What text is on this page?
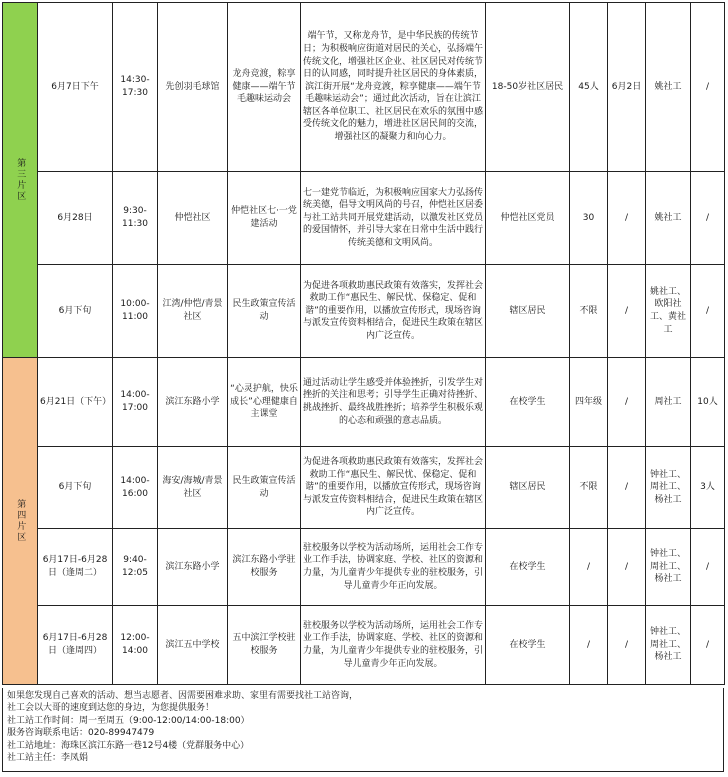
第三片区	6月7日下午	14:30-17:30	先创羽毛球馆	龙舟竞渡，粽享健康——端午节毛趣味运动会	端午节，又称龙舟节，是中华民族的传统节日；为积极响应街道对居民的关心，弘扬端午传统文化，增强社区企业、社区居民对传统节日的认同感，同时提升社区居民的身体素质，滨江街开展“龙舟竞渡，粽享健康——端午节毛趣味运动会”；通过此次活动，旨在让滨江辖区各单位职工、社区居民在欢乐的氛围中感受传统文化的魅力，增进社区居民间的交流，增强社区的凝聚力和向心力。	18-50岁社区居民	45人	6月2日	姚社工	/
	6月28日	9:30-11:30	仲恺社区	仲恺社区七·一党建活动	七一建党节临近，为积极响应国家大力弘扬传统美德，倡导文明风尚的号召，仲恺社区居委与社工站共同开展党建活动，以激发社区党员的爱国情怀，并引导大家在日常中生活中践行传统美德和文明风尚。	仲恺社区党员	30	/	姚社工	/
	6月下旬	10:00-11:00	江湾/仲恺/青景社区	民生政策宣传活动	为促进各项救助惠民政策有效落实，发挥社会救助工作“惠民生、解民忧、保稳定、促和谐”的重要作用，以播放宣传形式，现场咨询与派发宣传资料相结合，促进民生政策在辖区内广泛宣传。	辖区居民	不限	/	姚社工、欧阳社工、黄社工	/
第四片区	6月21日（下午）	14:00-17:00	滨江东路小学	“心灵护航，快乐成长”心理健康自主课堂	通过活动让学生感受并体验挫折，引发学生对挫折的关注和思考；引导学生正确对待挫折、挑战挫折、最终战胜挫折；培养学生积极乐观的心态和顽强的意志品质。	在校学生	四年级	/	周社工	10人
	6月下旬	14:00-16:00	海安/海城/青景社区	民生政策宣传活动	为促进各项救助惠民政策有效落实，发挥社会救助工作“惠民生、解民忧、保稳定、促和谐”的重要作用，以播放宣传形式，现场咨询与派发宣传资料相结合，促进民生政策在辖区内广泛宣传。	辖区居民	不限	/	钟社工、周社工、杨社工	3人
	6月17日-6月28日（逢周二）	9:40-12:05	滨江东路小学	滨江东路小学驻校服务	驻校服务以学校为活动场所，运用社会工作专业工作手法，协调家庭、学校、社区的资源和力量，为儿童青少年提供专业的驻校服务，引导儿童青少年正向发展。	在校学生	/	/	钟社工、周社工、杨社工	/
	6月17日-6月28日（逢周四）	12:00-14:00	滨江五中学校	五中滨江学校驻校服务	驻校服务以学校为活动场所，运用社会工作专业工作手法，协调家庭、学校、社区的资源和力量，为儿童青少年提供专业的驻校服务，引导儿童青少年正向发展。	在校学生	/	/	钟社工、周社工、杨社工	/
如果您发现自己喜欢的活动、想当志愿者、因需要困难求助、家里有需要找社工站咨询，
社工会以大哥的速度到达您的身边，为您提供服务！
社工站工作时间：周一至周五（9:00-12:00/14:00-18:00）
服务咨询联系电话：020-89947479
社工站地址：海珠区滨江东路一巷12号4楼（党群服务中心）
社工站主任：李凤娟
